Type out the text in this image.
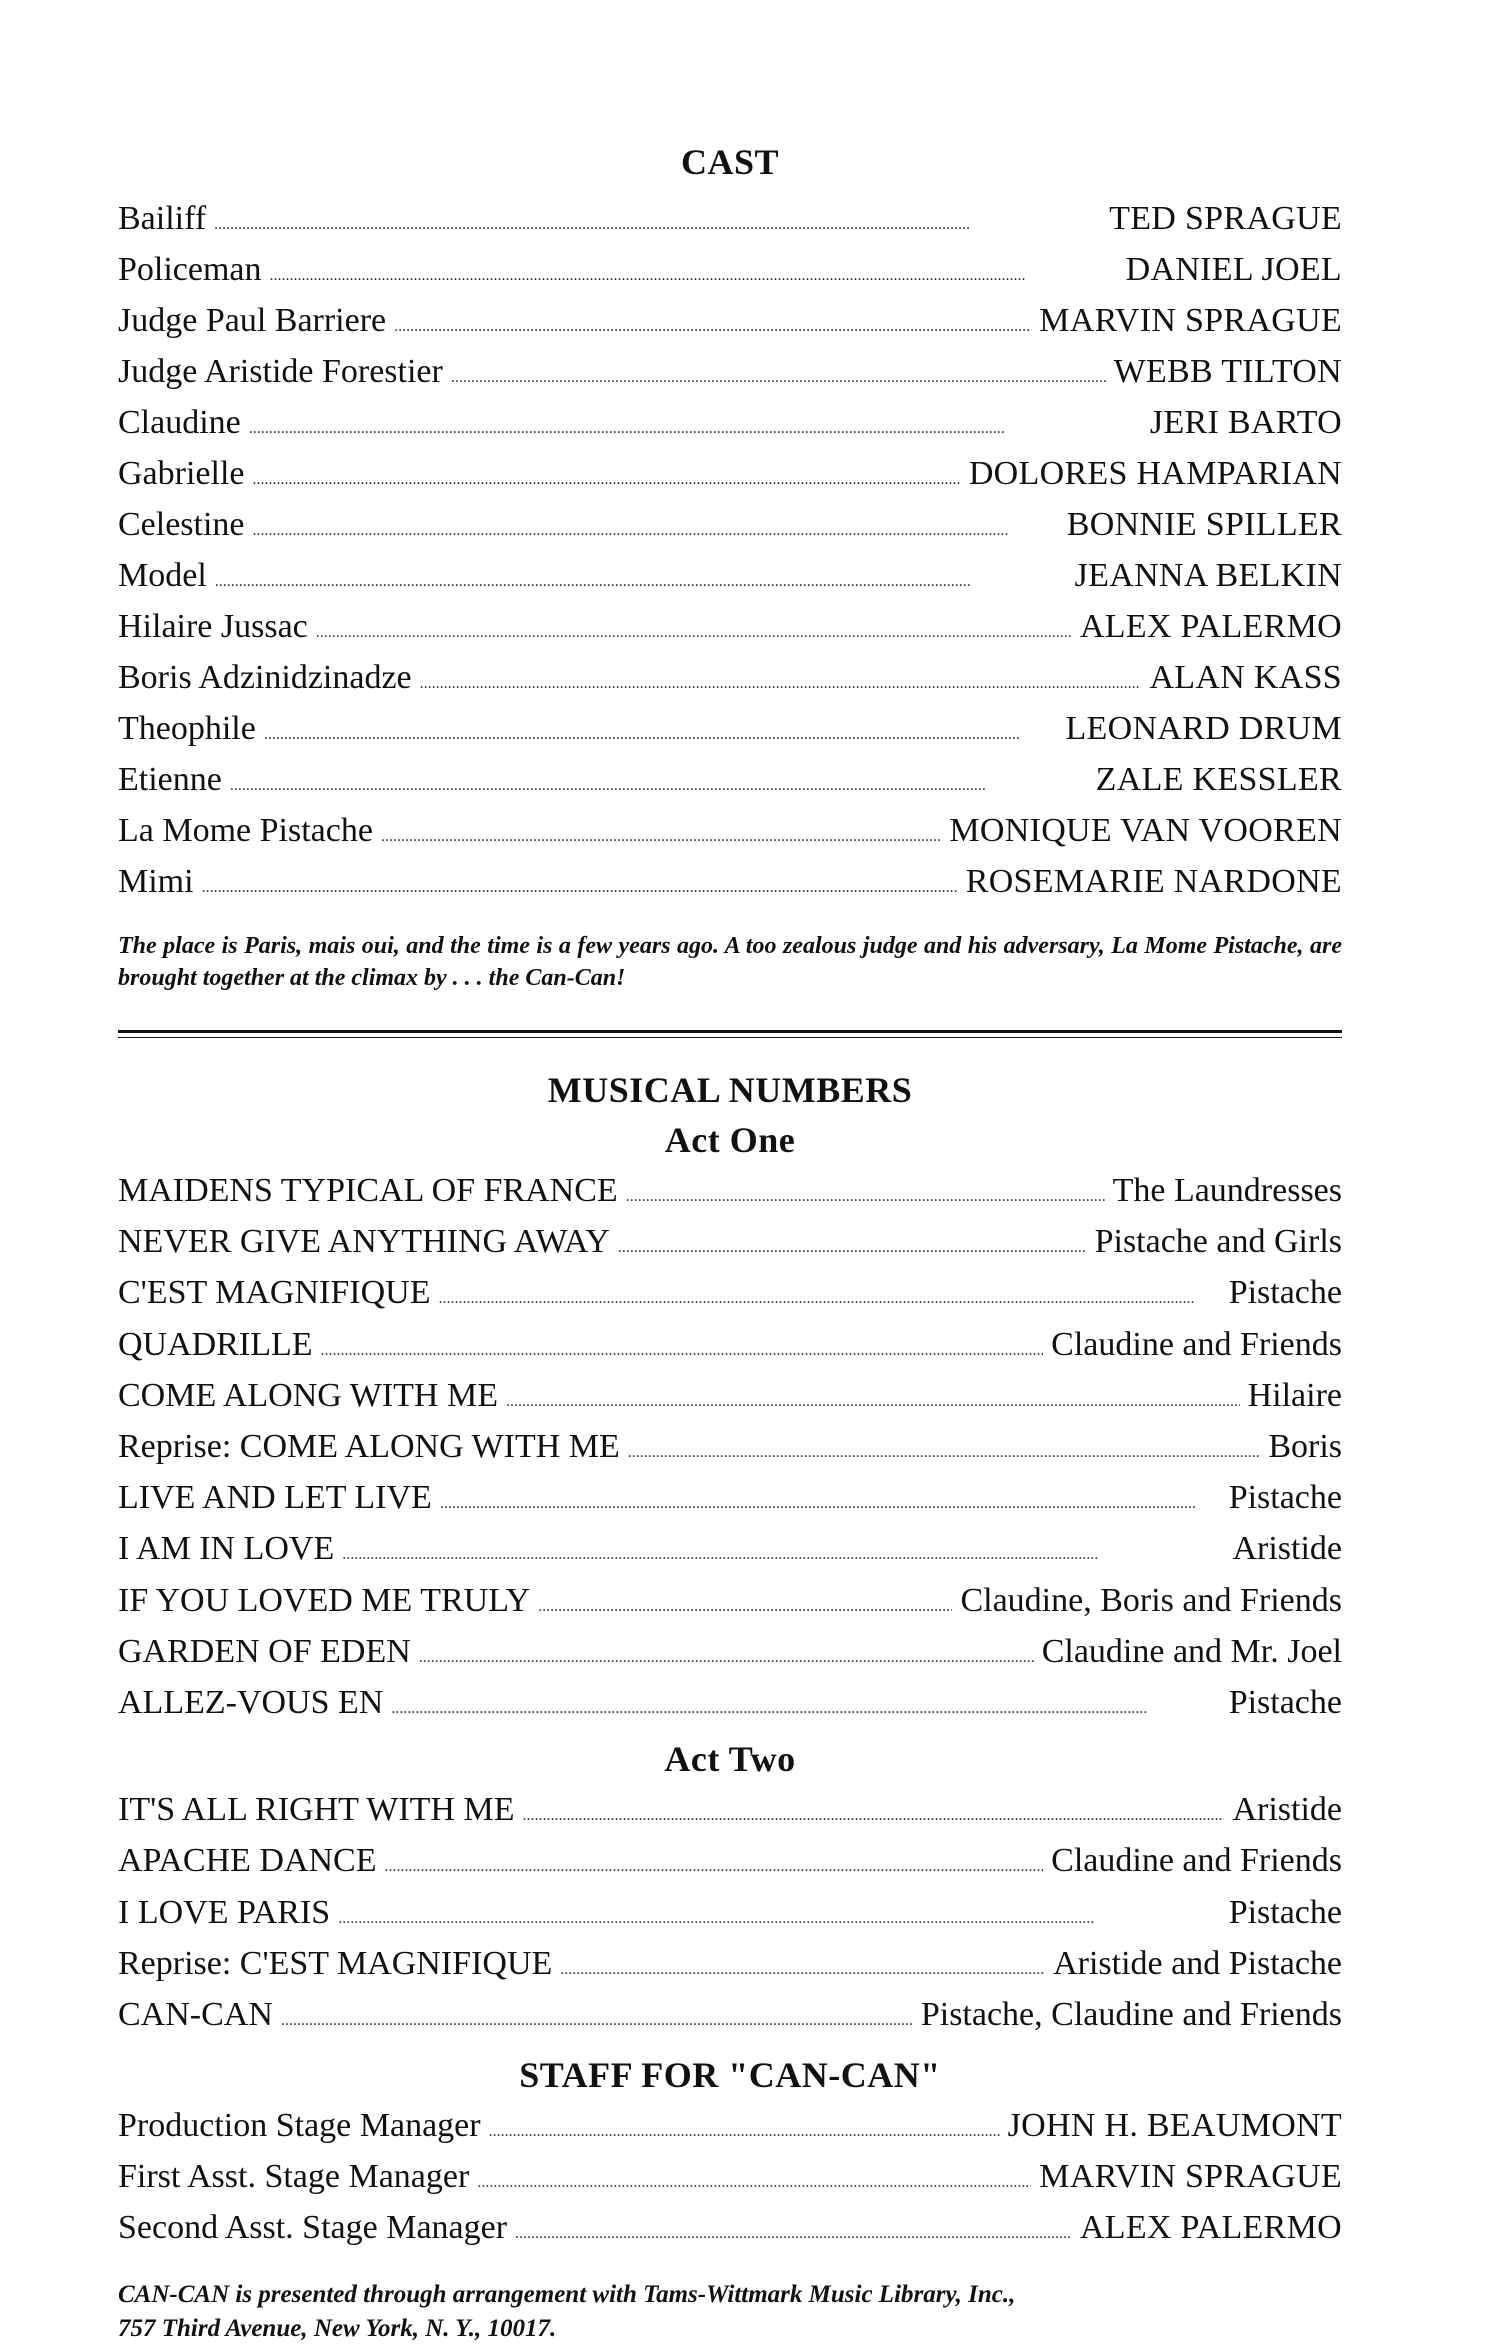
CAST
Bailiff . . .	TED SPRAGUE
Policeman . . .	DANIEL JOEL
Judge Paul Barriere . . .	MARVIN SPRAGUE
Judge Aristide Forestier . . .	WEBB TILTON
Claudine . . .	JERI BARTO
Gabrielle . . .	DOLORES HAMPARIAN
Celestine . . .	BONNIE SPILLER
Model . . .	JEANNA BELKIN
Hilaire Jussac . . .	ALEX PALERMO
Boris Adzinidzinadze . . .	ALAN KASS
Theophile . . .	LEONARD DRUM
Etienne . . .	ZALE KESSLER
La Mome Pistache . . .	MONIQUE VAN VOOREN
Mimi . . .	ROSEMARIE NARDONE

The place is Paris, mais oui, and the time is a few years ago. A too zealous judge and his adversary, La Mome Pistache, are brought together at the climax by . . . the Can-Can!

MUSICAL NUMBERS
Act One
MAIDENS TYPICAL OF FRANCE . . .	The Laundresses
NEVER GIVE ANYTHING AWAY . . .	Pistache and Girls
C'EST MAGNIFIQUE . . .	Pistache
QUADRILLE . . .	Claudine and Friends
COME ALONG WITH ME . . .	Hilaire
Reprise: COME ALONG WITH ME . . .	Boris
LIVE AND LET LIVE . . .	Pistache
I AM IN LOVE . . .	Aristide
IF YOU LOVED ME TRULY . . .	Claudine, Boris and Friends
GARDEN OF EDEN . . .	Claudine and Mr. Joel
ALLEZ-VOUS EN . . .	Pistache
Act Two
IT'S ALL RIGHT WITH ME . . .	Aristide
APACHE DANCE . . .	Claudine and Friends
I LOVE PARIS . . .	Pistache
Reprise: C'EST MAGNIFIQUE . . .	Aristide and Pistache
CAN-CAN . . .	Pistache, Claudine and Friends
STAFF FOR "CAN-CAN"
Production Stage Manager . . .	JOHN H. BEAUMONT
First Asst. Stage Manager . . .	MARVIN SPRAGUE
Second Asst. Stage Manager . . .	ALEX PALERMO
CAN-CAN is presented through arrangement with Tams-Wittmark Music Library, Inc.,
757 Third Avenue, New York, N. Y., 10017.
